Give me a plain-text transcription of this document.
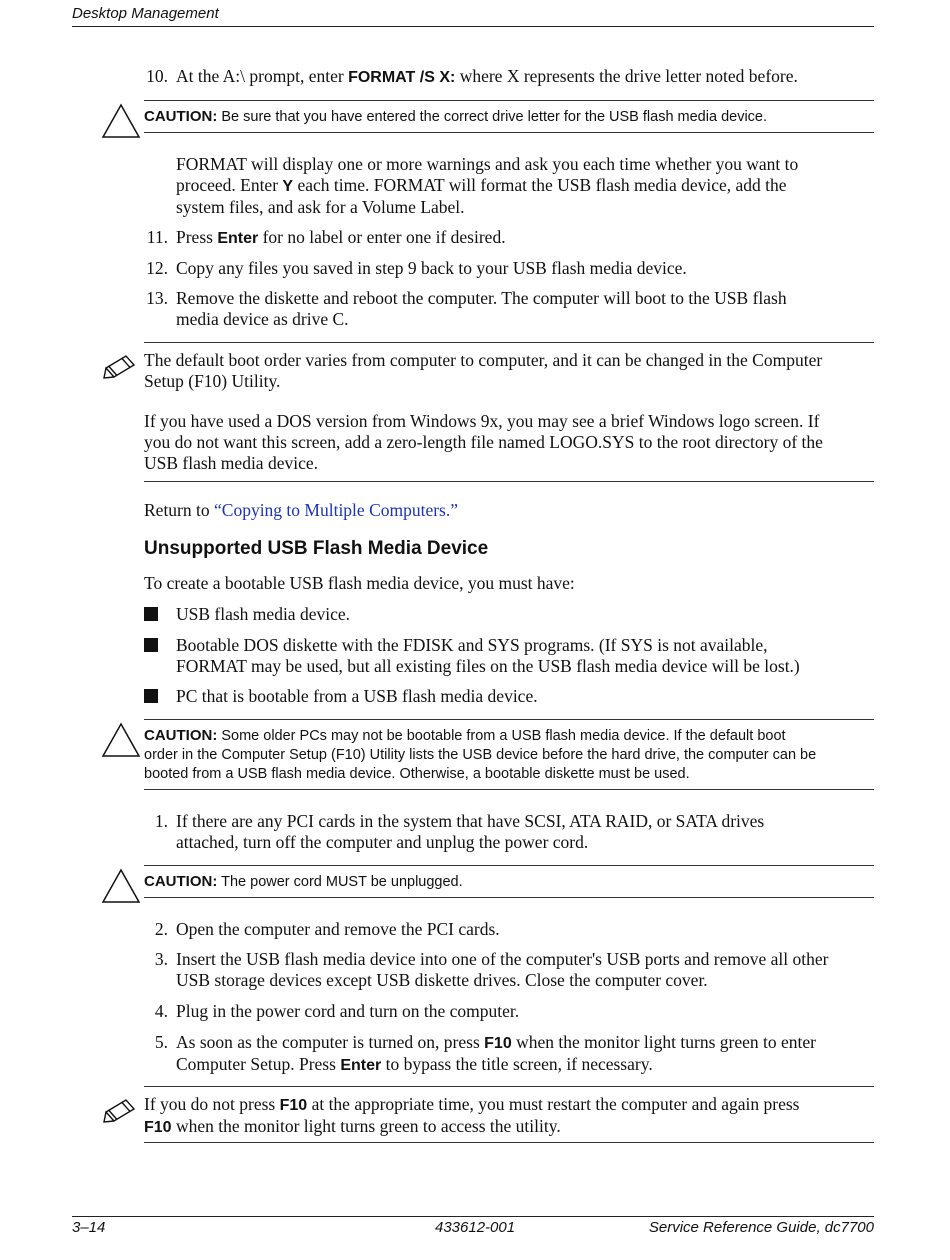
Desktop Management
10. At the A:\ prompt, enter FORMAT /S X: where X represents the drive letter noted before.
CAUTION: Be sure that you have entered the correct drive letter for the USB flash media device.
FORMAT will display one or more warnings and ask you each time whether you want to
proceed. Enter Y each time. FORMAT will format the USB flash media device, add the
system files, and ask for a Volume Label.
11. Press Enter for no label or enter one if desired.
12. Copy any files you saved in step 9 back to your USB flash media device.
13. Remove the diskette and reboot the computer. The computer will boot to the USB flash
media device as drive C.
The default boot order varies from computer to computer, and it can be changed in the Computer
Setup (F10) Utility.
If you have used a DOS version from Windows 9x, you may see a brief Windows logo screen. If
you do not want this screen, add a zero-length file named LOGO.SYS to the root directory of the
USB flash media device.
Return to “Copying to Multiple Computers.”
Unsupported USB Flash Media Device
To create a bootable USB flash media device, you must have:
USB flash media device.
Bootable DOS diskette with the FDISK and SYS programs. (If SYS is not available,
FORMAT may be used, but all existing files on the USB flash media device will be lost.)
PC that is bootable from a USB flash media device.
CAUTION: Some older PCs may not be bootable from a USB flash media device. If the default boot
order in the Computer Setup (F10) Utility lists the USB device before the hard drive, the computer can be
booted from a USB flash media device. Otherwise, a bootable diskette must be used.
1. If there are any PCI cards in the system that have SCSI, ATA RAID, or SATA drives
attached, turn off the computer and unplug the power cord.
CAUTION: The power cord MUST be unplugged.
2. Open the computer and remove the PCI cards.
3. Insert the USB flash media device into one of the computer's USB ports and remove all other
USB storage devices except USB diskette drives. Close the computer cover.
4. Plug in the power cord and turn on the computer.
5. As soon as the computer is turned on, press F10 when the monitor light turns green to enter
Computer Setup. Press Enter to bypass the title screen, if necessary.
If you do not press F10 at the appropriate time, you must restart the computer and again press
F10 when the monitor light turns green to access the utility.
3–14	433612-001	Service Reference Guide, dc7700
